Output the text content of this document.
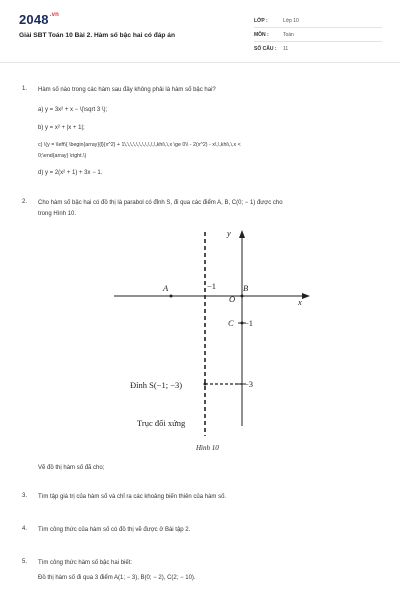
$2048^{.vn}$
Giải SBT Toán 10 Bài 2. Hàm số bậc hai có đáp án
LỚP :	Lớp 10
MÔN :	Toán
SỐ CÂU : 11
1. Hàm số nào trong các hàm sau đây không phải là hàm số bậc hai?
a) y = 3x² + x − \(\sqrt 3 \);
b) y = x² + |x + 1|;
c) \(y = \left\{ \begin{array}{l}{x^2} + 1\,\,\,\,\,\,\,\,\,\,\,khi\,\,x \ge 0\\ - 2(x^2) - x\,\,khi\,\,x <
0;\end{array} \right.\)
d) y = 2(x² + 1) + 3x − 1.
2. Cho hàm số bậc hai có đồ thị là parabol có đỉnh S, đi qua các điểm A, B, C(0; − 1) được cho
trong Hình 10.
y
x
A	B
−1
O
C −1
−3
Đỉnh S(−1; −3)
Trục đối xứng
Hình 10
Vẽ đồ thị hàm số đã cho;
3. Tìm tập giá trị của hàm số và chỉ ra các khoảng biến thiên của hàm số.
4. Tìm công thức của hàm số có đồ thị vẽ được ở Bài tập 2.
5. Tìm công thức hàm số bậc hai biết:
Đồ thị hàm số đi qua 3 điểm A(1; − 3), B(0; − 2), C(2; − 10).
